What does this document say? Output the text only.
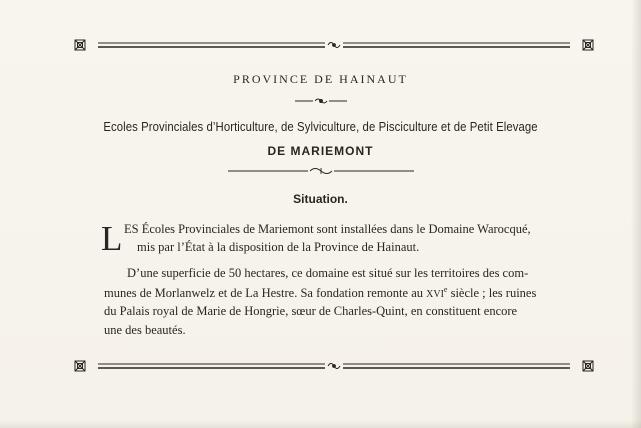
PROVINCE DE HAINAUT
Ecoles Provinciales d’Horticulture, de Sylviculture, de Pisciculture et de Petit Elevage
DE MARIEMONT
Situation.
L ES Écoles Provinciales de Mariemont sont installées dans le Domaine Warocqué,
mis par l’État à la disposition de la Province de Hainaut.
D’une superficie de 50 hectares, ce domaine est situé sur les territoires des com-
munes de Morlanwelz et de La Hestre. Sa fondation remonte au XVIe siècle ; les ruines
du Palais royal de Marie de Hongrie, sœur de Charles-Quint, en constituent encore
une des beautés.
